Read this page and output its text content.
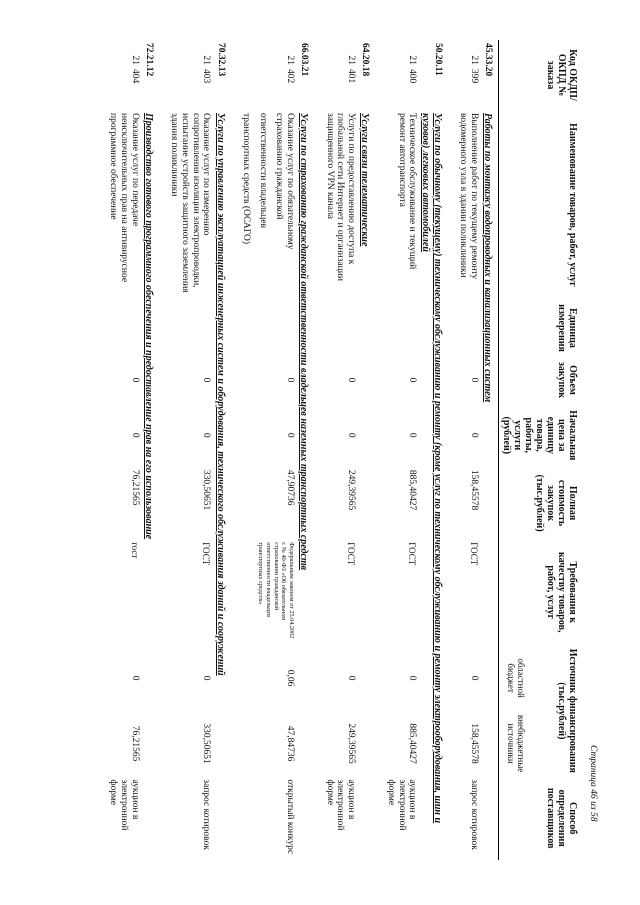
Страница 46 из 58
Код ОКДП/ ОКПД № заказа	Наименование товаров, работ, услуг	Единица измерения	Объем закупок	Начальная цена за единицу товара, работы, услуги (рублей)	Полная стоимость закупок (тыс.рублей)	Требования к качеству товаров, работ, услуг	Источник финансирования (тыс.рублей)		Способ определения поставщиков
							областной бюджет	внебюджетные источники	
45.33.20	Работы по монтажу водопроводных и канализационных систем								
21399	Выполнение работ по текущему ремонту водомерного узла в здании поликлиники		0	0	158,45578	ГОСТ	0	158,45578	запрос котировок
50.20.11	Услуги по обычному (текущему) техническому обслуживанию и ремонту (кроме услуг по техническому обслуживанию и ремонту электрооборудования, шин и кузовов) легковых автомобилей								
21400	Техническое обслуживание и текущий ремонт автотранспорта		0	0	885,40427	ГОСТ	0	885,40427	аукцион в электронной форме
64.20.18	Услуги связи телематические								
21401	Услуги по предоставлению доступа к глобальной сети Интернет и организации защищенного VPN канала		0	0	249,39565	ГОСТ	0	249,39565	аукцион в электронной форме
66.03.21	Услуги по страхованию гражданской ответственности владельцев наземных транспортных средств								
21402	Оказание услуг по обязательному страхованию гражданской
ответственности владельцев
транспортных средств (ОСАГО)		0	0	47,90736	Федеральным законом от 25.04.2002 г. № 40-ФЗ «Об обязательном страховании гражданской ответственности владельцев транспортных средств»	0,06	47,84736	открытый конкурс
70.32.13	Услуги по управлению эксплуатацией инженерных систем и оборудования, технического обслуживания зданий и сооружений								
21403	Оказание услуг по измерению сопротивления изоляции электропроводки, испытание устройств защитного заземления здания поликлиники		0	0	330,50651	ГОСТ	0	330,50651	запрос котировок
72.21.12	Производство готового программного обеспечения и предоставление прав на его использование								
21404	Оказание услуг по передаче неисключительных прав на антивирусное программное обеспечение		0	0	76,21565	гост	0	76,21565	аукцион в электронной форме
